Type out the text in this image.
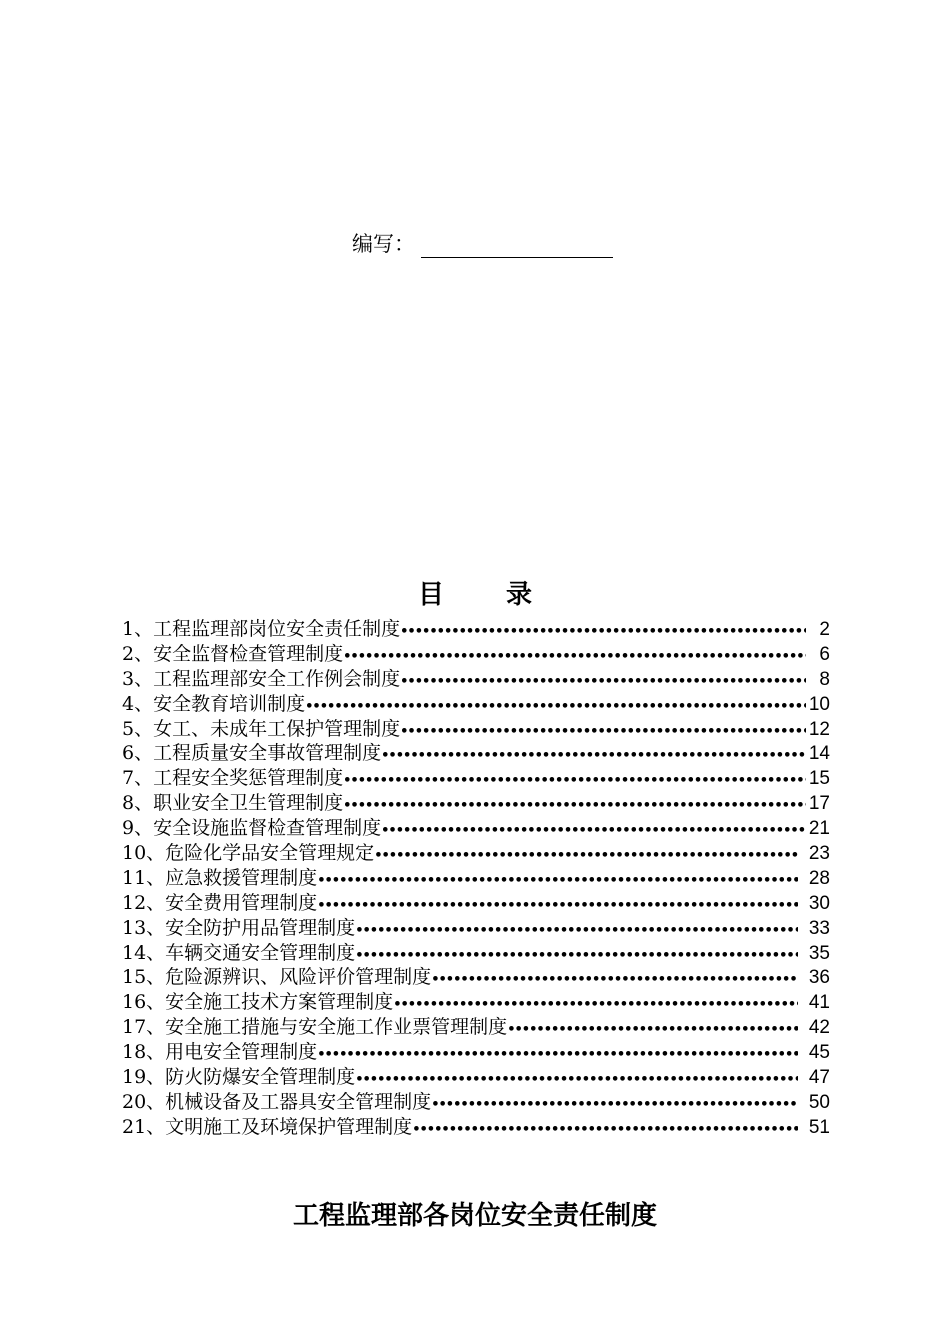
编写：
目 录
1、工程监理部岗位安全责任制度 •••••	2
2、安全监督检查管理制度 •••••	6
3、工程监理部安全工作例会制度 •••••	8
4、安全教育培训制度 •••••	10
5、女工、未成年工保护管理制度 •••••	12
6、工程质量安全事故管理制度 •••••	14
7、工程安全奖惩管理制度 •••••	15
8、职业安全卫生管理制度 •••••	17
9、安全设施监督检查管理制度 •••••	21
10、危险化学品安全管理规定 •••••	23
11、应急救援管理制度 •••••	28
12、安全费用管理制度 •••••	30
13、安全防护用品管理制度 •••••	33
14、车辆交通安全管理制度 •••••	35
15、危险源辨识、风险评价管理制度 •••••	36
16、安全施工技术方案管理制度 •••••	41
17、安全施工措施与安全施工作业票管理制度 •••••	42
18、用电安全管理制度 •••••	45
19、防火防爆安全管理制度 •••••	47
20、机械设备及工器具安全管理制度 •••••	50
21、文明施工及环境保护管理制度 •••••	51
工程监理部各岗位安全责任制度
